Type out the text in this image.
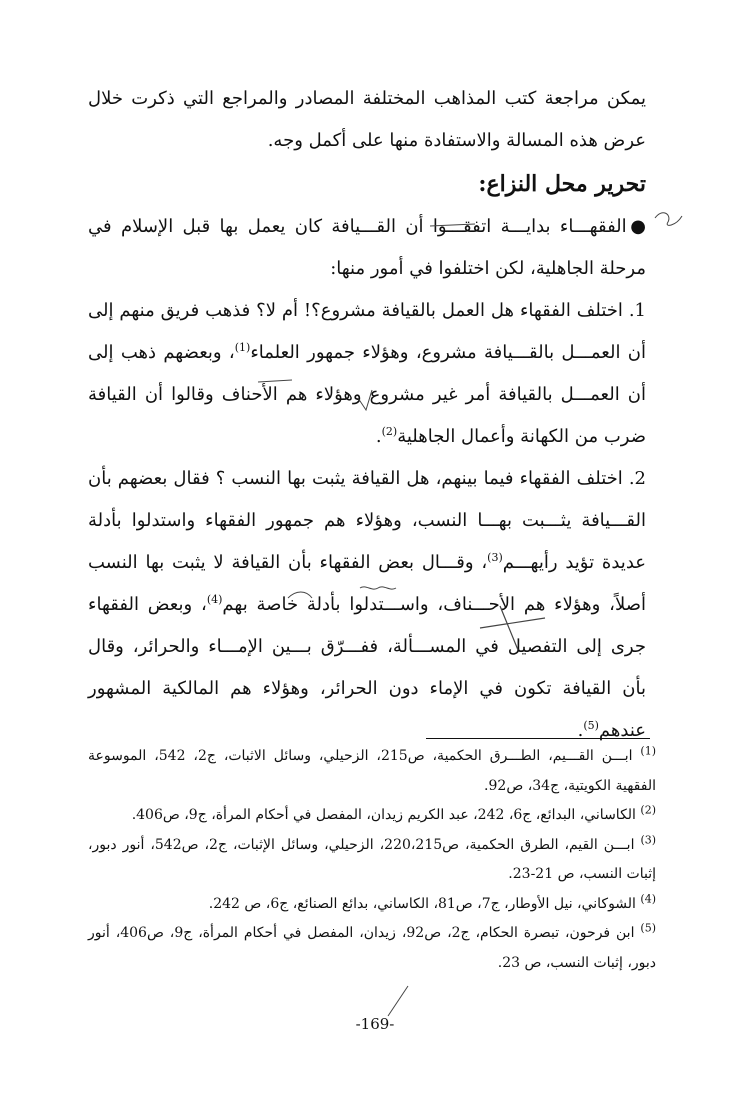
يمكن مراجعة كتب المذاهب المختلفة المصادر والمراجع التي ذكرت خلال عرض هذه المسالة والاستفادة منها على أكمل وجه.

تحرير محل النزاع:

●الفقهـــاء بدايـــة اتفقـــوا أن القـــيافة كان يعمل بها قبل الإسلام في مرحلة الجاهلية، لكن اختلفوا في أمور منها:

1. اختلف الفقهاء هل العمل بالقيافة مشروع؟! أم لا؟ فذهب فريق منهم إلى أن العمـــل بالقـــيافة مشروع، وهؤلاء جمهور العلماء$^{(1)}$، وبعضهم ذهب إلى أن العمـــل بالقيافة أمر غير مشروع وهؤلاء هم الأحناف وقالوا أن القيافة ضرب من الكهانة وأعمال الجاهلية$^{(2)}$.

2. اختلف الفقهاء فيما بينهم، هل القيافة يثبت بها النسب ؟ فقال بعضهم بأن القـــيافة يثـــبت بهـــا النسب، وهؤلاء هم جمهور الفقهاء واستدلوا بأدلة عديدة تؤيد رأيهـــم$^{(3)}$، وقـــال بعض الفقهاء بأن القيافة لا يثبت بها النسب أصلاً، وهؤلاء هم الأحـــناف، واســـتدلوا بأدلة خاصة بهم$^{(4)}$، وبعض الفقهاء جرى إلى التفصيل في المســـألة، ففـــرّق بـــين الإمـــاء والحرائر، وقال بأن القيافة تكون في الإماء دون الحرائر، وهؤلاء هم المالكية المشهور عندهم$^{(5)}$.

$^{(1)}$ ابـــن القـــيم، الطـــرق الحكمية، ص215، الزحيلي، وسائل الاثبات، ج2، 542، الموسوعة الفقهية الكويتية، ج34، ص92.

$^{(2)}$ الكاساني، البدائع، ج6، 242، عبد الكريم زيدان، المفصل في أحكام المرأة، ج9، ص406.

$^{(3)}$ ابـــن القيم، الطرق الحكمية، ص220،215، الزحيلي، وسائل الإثبات، ج2، ص542، أنور دبور، إثبات النسب، ص 21-23.

$^{(4)}$ الشوكاني، نيل الأوطار، ج7، ص81، الكاساني، بدائع الصنائع، ج6، ص 242.

$^{(5)}$ ابن فرحون، تبصرة الحكام، ج2، ص92، زيدان، المفصل في أحكام المرأة، ج9، ص406، أنور دبور، إثبات النسب، ص 23.

-169-
